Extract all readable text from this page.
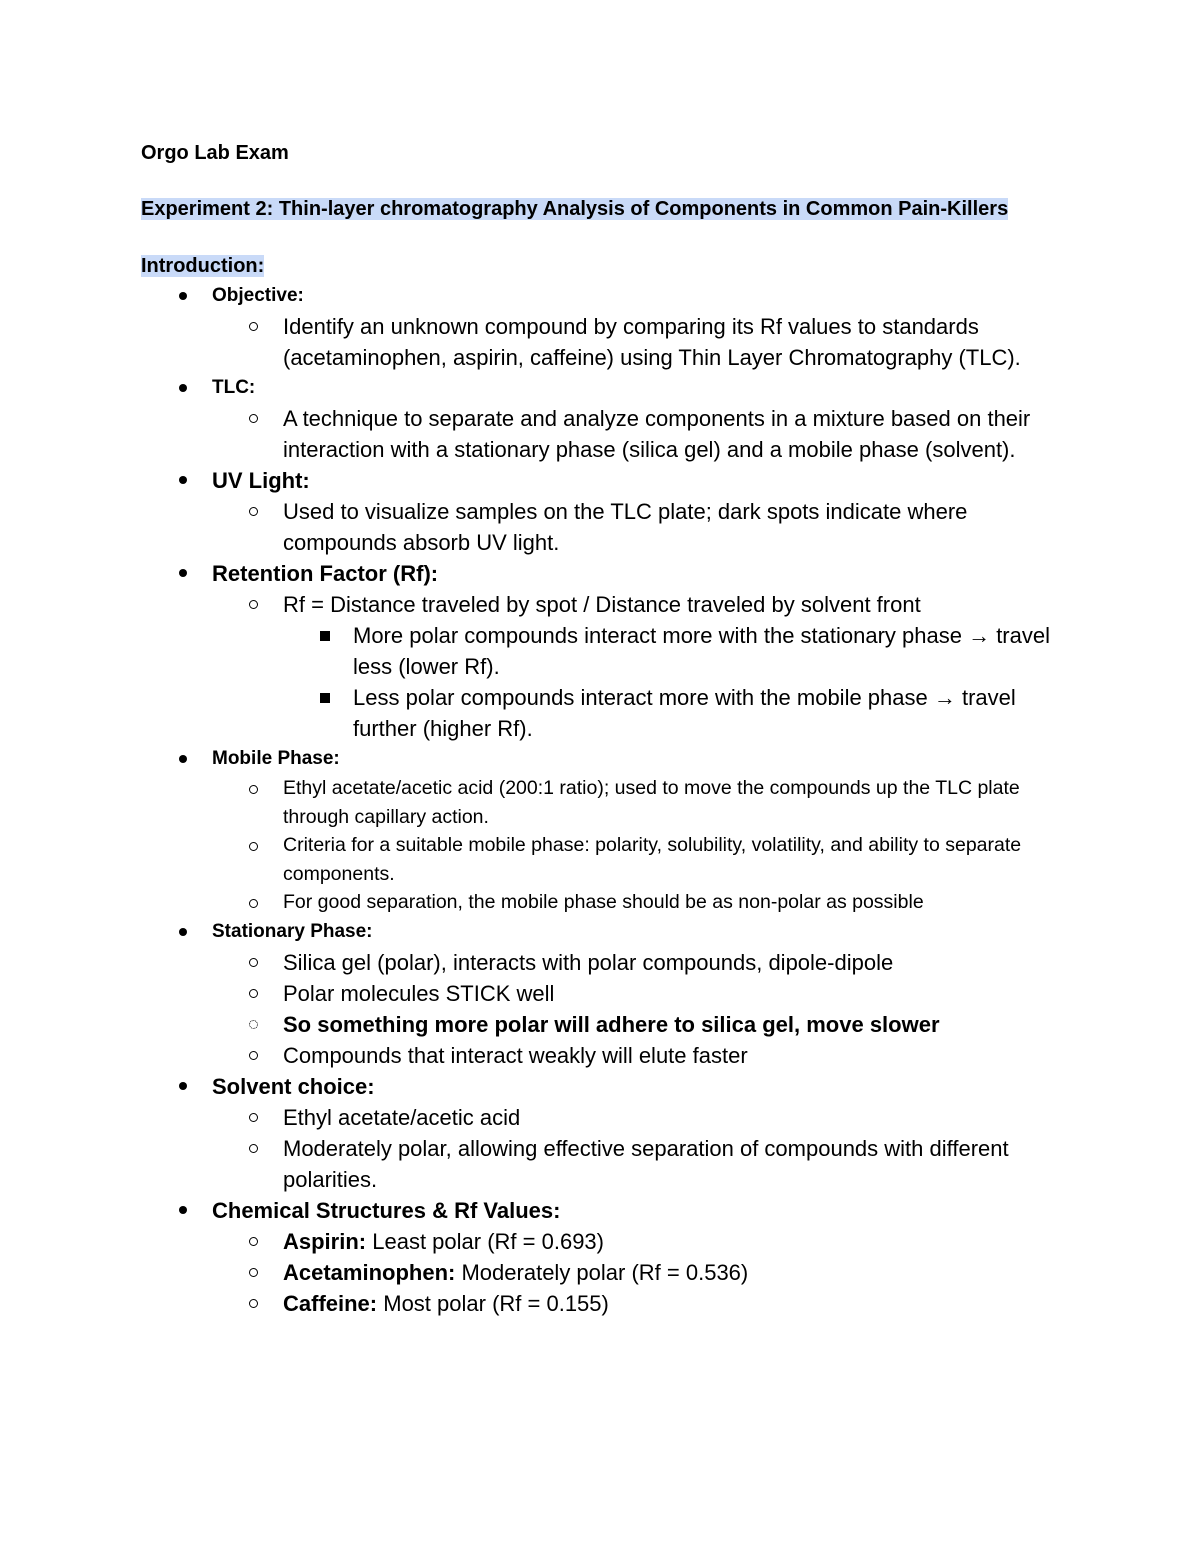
Orgo Lab Exam
Experiment 2: Thin-layer chromatography Analysis of Components in Common Pain-Killers
Introduction:
Objective:
Identify an unknown compound by comparing its Rf values to standards (acetaminophen, aspirin, caffeine) using Thin Layer Chromatography (TLC).
TLC:
A technique to separate and analyze components in a mixture based on their interaction with a stationary phase (silica gel) and a mobile phase (solvent).
UV Light:
Used to visualize samples on the TLC plate; dark spots indicate where compounds absorb UV light.
Retention Factor (Rf):
Rf = Distance traveled by spot / Distance traveled by solvent front
More polar compounds interact more with the stationary phase → travel less (lower Rf).
Less polar compounds interact more with the mobile phase → travel further (higher Rf).
Mobile Phase:
Ethyl acetate/acetic acid (200:1 ratio); used to move the compounds up the TLC plate through capillary action.
Criteria for a suitable mobile phase: polarity, solubility, volatility, and ability to separate components.
For good separation, the mobile phase should be as non-polar as possible
Stationary Phase:
Silica gel (polar), interacts with polar compounds, dipole-dipole
Polar molecules STICK well
So something more polar will adhere to silica gel, move slower
Compounds that interact weakly will elute faster
Solvent choice:
Ethyl acetate/acetic acid
Moderately polar, allowing effective separation of compounds with different polarities.
Chemical Structures & Rf Values:
Aspirin: Least polar (Rf = 0.693)
Acetaminophen: Moderately polar (Rf = 0.536)
Caffeine: Most polar (Rf = 0.155)
